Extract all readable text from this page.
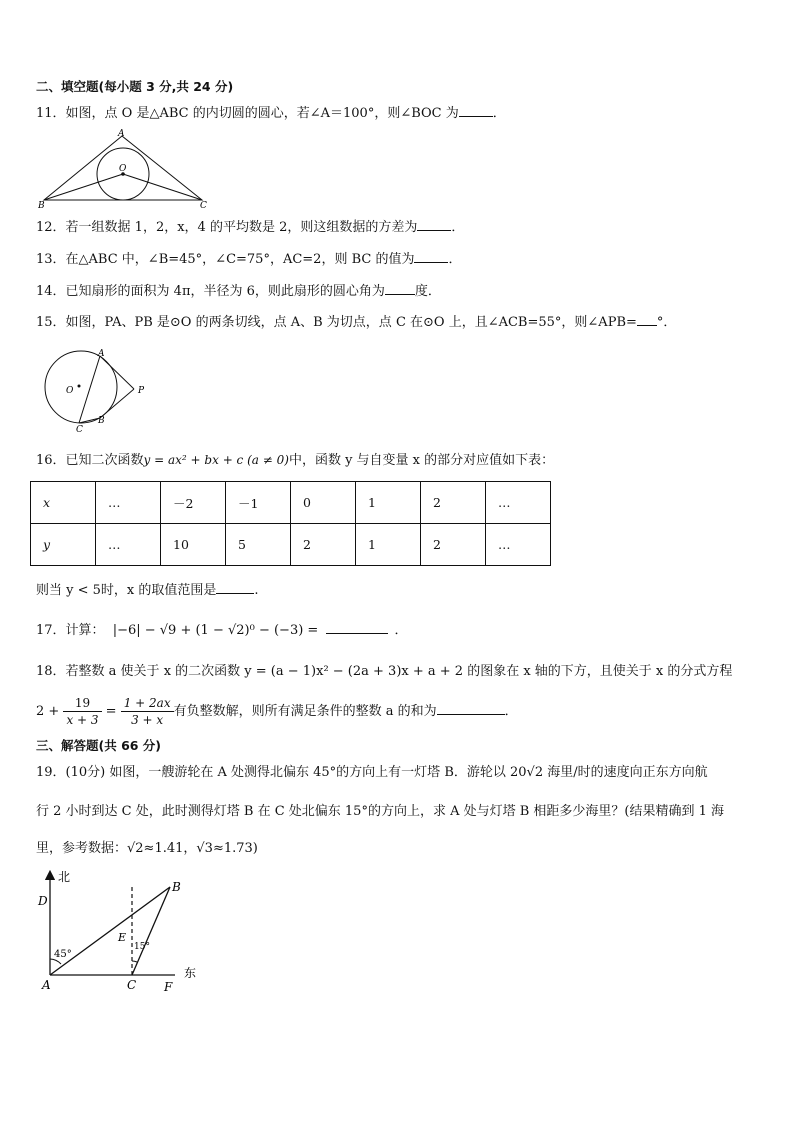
二、填空题(每小题 3 分,共 24 分)
11．如图，点 O 是△ABC 的内切圆的圆心，若∠A＝100°，则∠BOC 为	．
A
O
B	C
12．若一组数据 1，2，x，4 的平均数是 2，则这组数据的方差为	．
13．在△ABC 中，∠B=45°，∠C=75°，AC=2，则 BC 的值为	．
14．已知扇形的面积为 4π，半径为 6，则此扇形的圆心角为 度．
15．如图，PA、PB 是⊙O 的两条切线，点 A、B 为切点，点 C 在⊙O 上，且∠ACB=55°，则∠APB= °．
A
O	P
B
C
16．已知二次函数y = ax² + bx + c (a ≠ 0)中，函数 y 与自变量 x 的部分对应值如下表：
x	…	－2	－1	0	1	2	…
y	…	10	5	2	1	2	…
则当 y < 5时，x 的取值范围是	.
17．计算： |−6| − √9 + (1 − √2)⁰ − (−3) =	．
18．若整数 a 使关于 x 的二次函数 y = (a − 1)x² − (2a + 3)x + a + 2 的图象在 x 轴的下方，且使关于 x 的分式方程
$2 + \frac{19}{x + 3} = \frac{1 + 2ax}{3 + x}$ 有负整数解，则所有满足条件的整数 a 的和为	．
三、解答题(共 66 分)
19．(10分) 如图，一艘游轮在 A 处测得北偏东 45°的方向上有一灯塔 B．游轮以 20√2 海里/时的速度向正东方向航
行 2 小时到达 C 处，此时测得灯塔 B 在 C 处北偏东 15°的方向上，求 A 处与灯塔 B 相距多少海里？(结果精确到 1 海
里，参考数据：√2≈1.41，√3≈1.73)
北
D
B
E
45°
15°
东
A	C F
